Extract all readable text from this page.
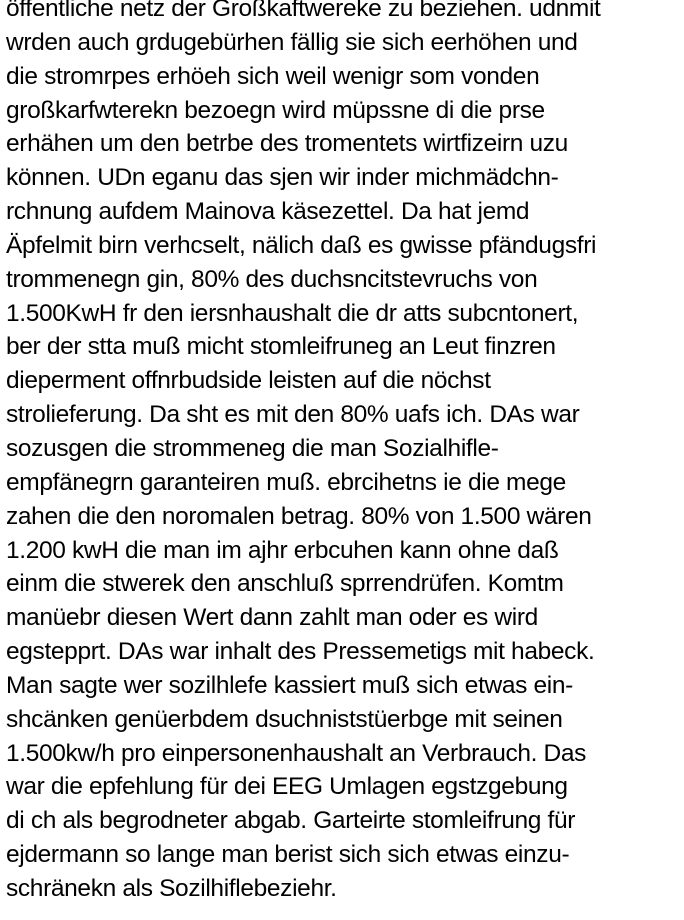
öffentliche netz der Großkaftwereke zu beziehen. udnmit
wrden auch grdugebürhen fällig sie sich eerhöhen und
die stromrpes erhöeh sich weil wenigr som vonden
großkarfwterekn bezoegn wird müpssne di die prse
erhähen um den betrbe des tromentets wirtfizeirn uzu
können. UDn eganu das sjen wir inder michmädchn-
rchnung aufdem Mainova käsezettel. Da hat jemd
Äpfelmit birn verhcselt, nälich daß es gwisse pfändugsfri
trommenegn gin, 80% des duchsncitstevruchs von
1.500KwH fr den iersnhaushalt die dr atts subcntonert,
ber der stta muß micht stomleifruneg an Leut finzren
dieperment offnrbudside leisten auf die nöchst
strolieferung. Da sht es mit den 80% uafs ich. DAs war
sozusgen die strommeneg die man Sozialhifle-
empfänegrn garanteiren muß. ebrcihetns ie die mege
zahen die den noromalen betrag. 80% von 1.500 wären
1.200 kwH die man im ajhr erbcuhen kann ohne daß
einm die stwerek den anschluß sprrendrüfen. Komtm
manüebr diesen Wert dann zahlt man oder es wird
egstepprt. DAs war inhalt des Pressemetigs mit habeck.
Man sagte wer sozilhlefe kassiert muß sich etwas ein-
shcänken genüerbdem dsuchniststüerbge mit seinen
1.500kw/h pro einpersonenhaushalt an Verbrauch. Das
war die epfehlung für dei EEG Umlagen egstzgebung
di ch als begrodneter abgab. Garteirte stomleifrung für
ejdermann so lange man berist sich sich etwas einzu-
schränekn als Sozilhiflebeziehr.
